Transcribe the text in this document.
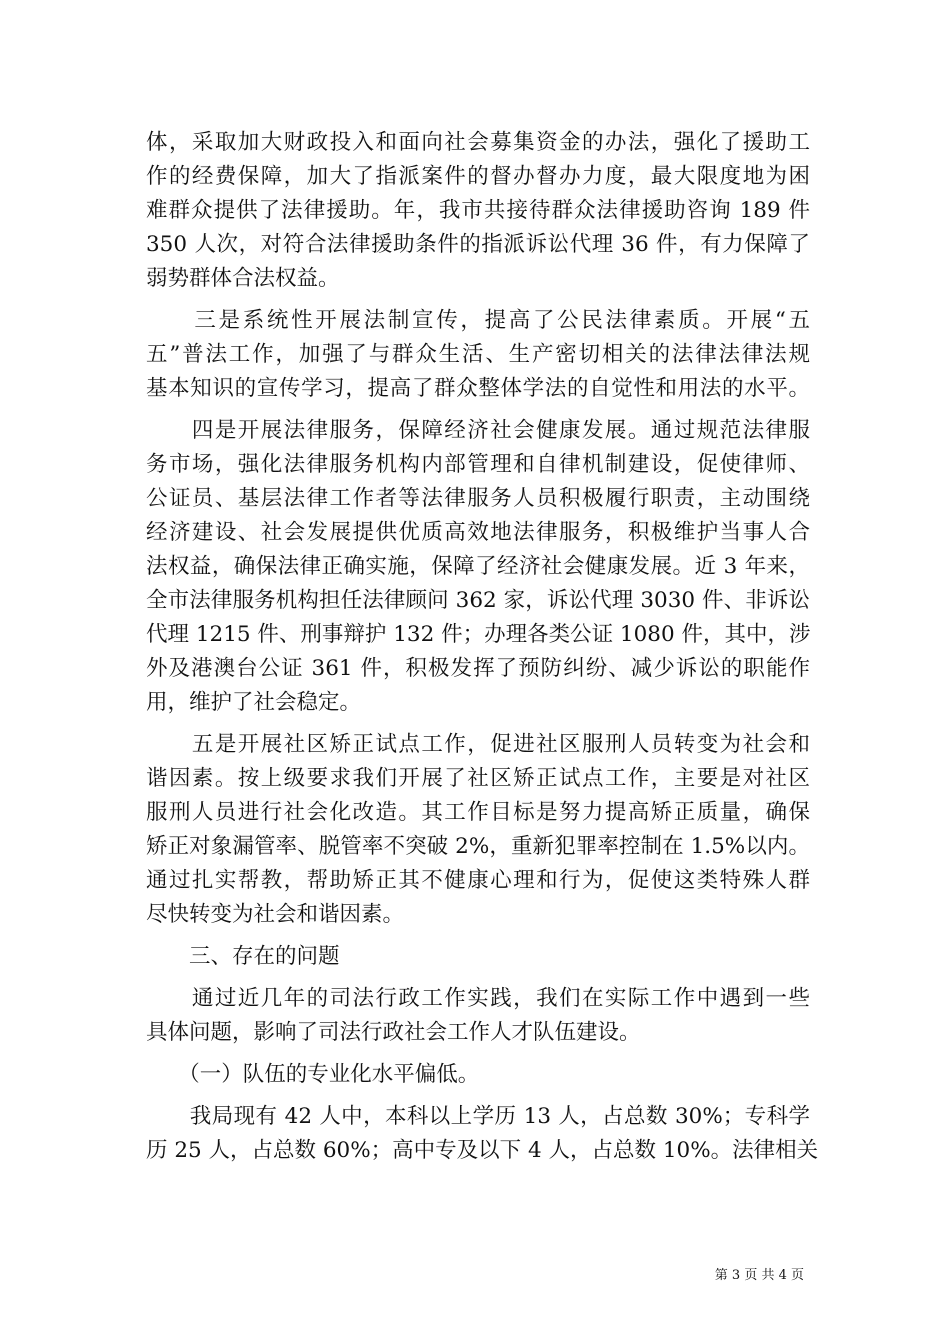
体，采取加大财政投入和面向社会募集资金的办法，强化了援助工
作的经费保障，加大了指派案件的督办督办力度，最大限度地为困
难群众提供了法律援助。年，我市共接待群众法律援助咨询 189 件
350 人次，对符合法律援助条件的指派诉讼代理 36 件，有力保障了
弱势群体合法权益。
　　三是系统性开展法制宣传，提高了公民法律素质。开展“五
五”普法工作，加强了与群众生活、生产密切相关的法律法律法规
基本知识的宣传学习，提高了群众整体学法的自觉性和用法的水平。
　　四是开展法律服务，保障经济社会健康发展。通过规范法律服
务市场，强化法律服务机构内部管理和自律机制建设，促使律师、
公证员、基层法律工作者等法律服务人员积极履行职责，主动围绕
经济建设、社会发展提供优质高效地法律服务，积极维护当事人合
法权益，确保法律正确实施，保障了经济社会健康发展。近 3 年来，
全市法律服务机构担任法律顾问 362 家，诉讼代理 3030 件、非诉讼
代理 1215 件、刑事辩护 132 件；办理各类公证 1080 件，其中，涉
外及港澳台公证 361 件，积极发挥了预防纠纷、减少诉讼的职能作
用，维护了社会稳定。
　　五是开展社区矫正试点工作，促进社区服刑人员转变为社会和
谐因素。按上级要求我们开展了社区矫正试点工作，主要是对社区
服刑人员进行社会化改造。其工作目标是努力提高矫正质量，确保
矫正对象漏管率、脱管率不突破 2%，重新犯罪率控制在 1.5%以内。
通过扎实帮教，帮助矫正其不健康心理和行为，促使这类特殊人群
尽快转变为社会和谐因素。
　　三、存在的问题
　　通过近几年的司法行政工作实践，我们在实际工作中遇到一些
具体问题，影响了司法行政社会工作人才队伍建设。
　　（一）队伍的专业化水平偏低。
　　我局现有 42 人中，本科以上学历 13 人，占总数 30%；专科学
历 25 人，占总数 60%；高中专及以下 4 人，占总数 10%。法律相关
第 3 页 共 4 页
